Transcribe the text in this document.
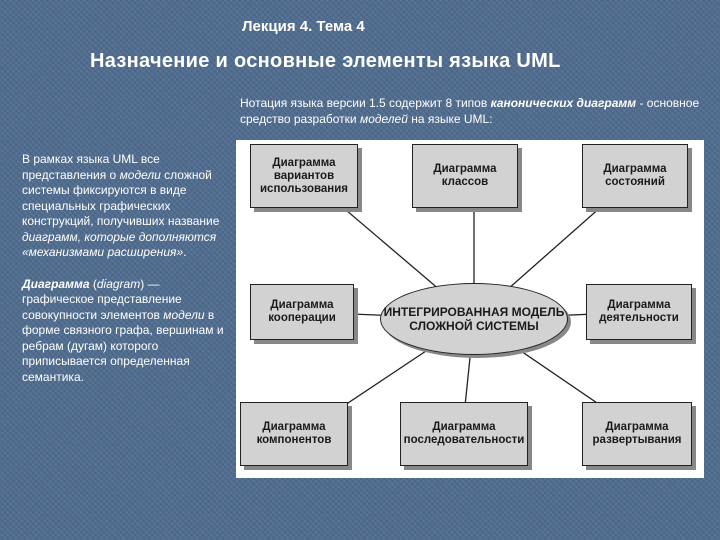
Лекция 4. Тема 4
Назначение и основные элементы языка UML
Нотация языка версии 1.5 содержит 8 типов канонических диаграмм - основное средство разработки моделей на языке UML:

В рамках языка UML все представления о модели сложной системы фиксируются в виде специальных графических конструкций, получивших название диаграмм, которые дополняются «механизмами расширения».

Диаграмма (diagram) — графическое представление совокупности элементов модели в форме связного графа, вершинам и ребрам (дугам) которого приписывается определенная семантика.

Диаграмма вариантов использования
Диаграмма классов
Диаграмма состояний
Диаграмма кооперации
Диаграмма деятельности
Диаграмма компонентов
Диаграмма последовательности
Диаграмма развертывания
ИНТЕГРИРОВАННАЯ МОДЕЛЬ СЛОЖНОЙ СИСТЕМЫ
